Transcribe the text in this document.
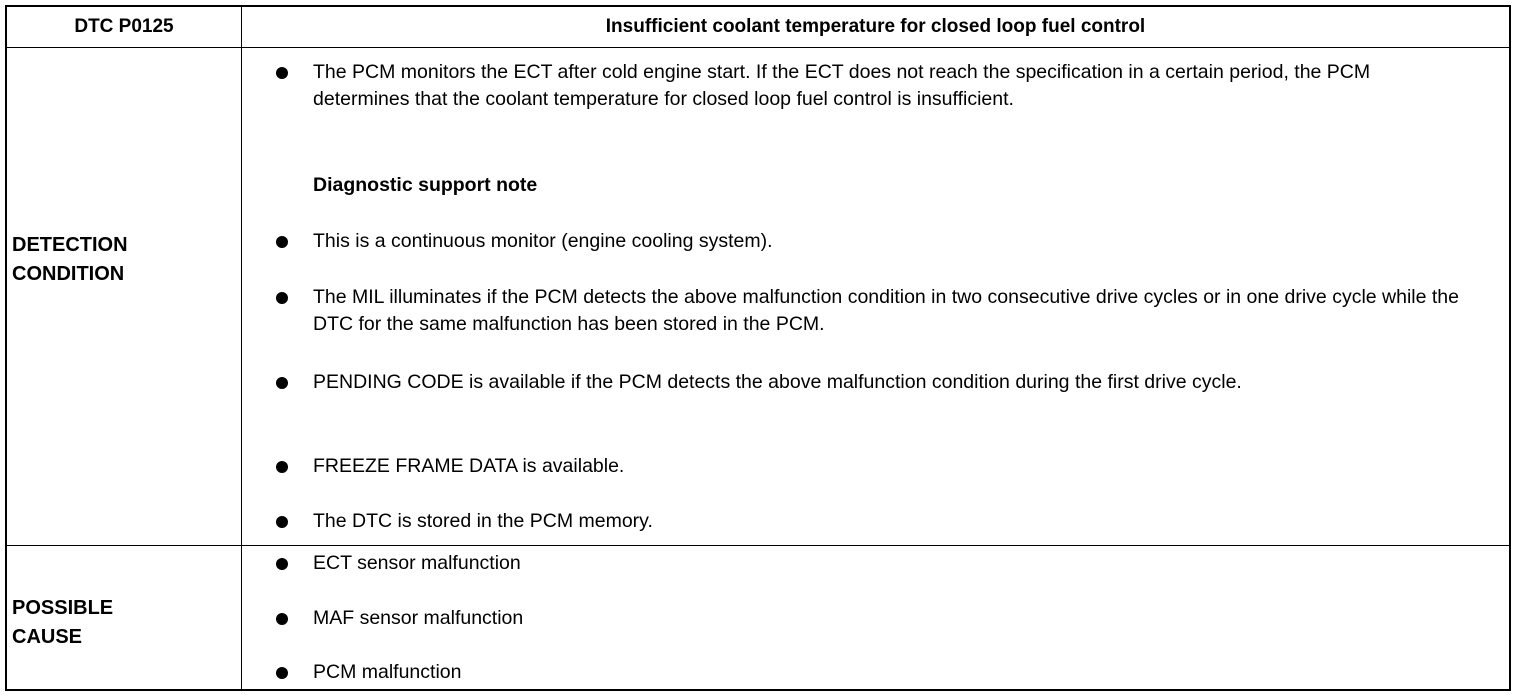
DTC P0125	Insufficient coolant temperature for closed loop fuel control
DETECTION
CONDITION
POSSIBLE
CAUSE
The PCM monitors the ECT after cold engine start. If the ECT does not reach the specification in a certain period, the PCM determines that the coolant temperature for closed loop fuel control is insufficient.
Diagnostic support note
This is a continuous monitor (engine cooling system).
The MIL illuminates if the PCM detects the above malfunction condition in two consecutive drive cycles or in one drive cycle while the DTC for the same malfunction has been stored in the PCM.
PENDING CODE is available if the PCM detects the above malfunction condition during the first drive cycle.
FREEZE FRAME DATA is available.
The DTC is stored in the PCM memory.
ECT sensor malfunction
MAF sensor malfunction
PCM malfunction
